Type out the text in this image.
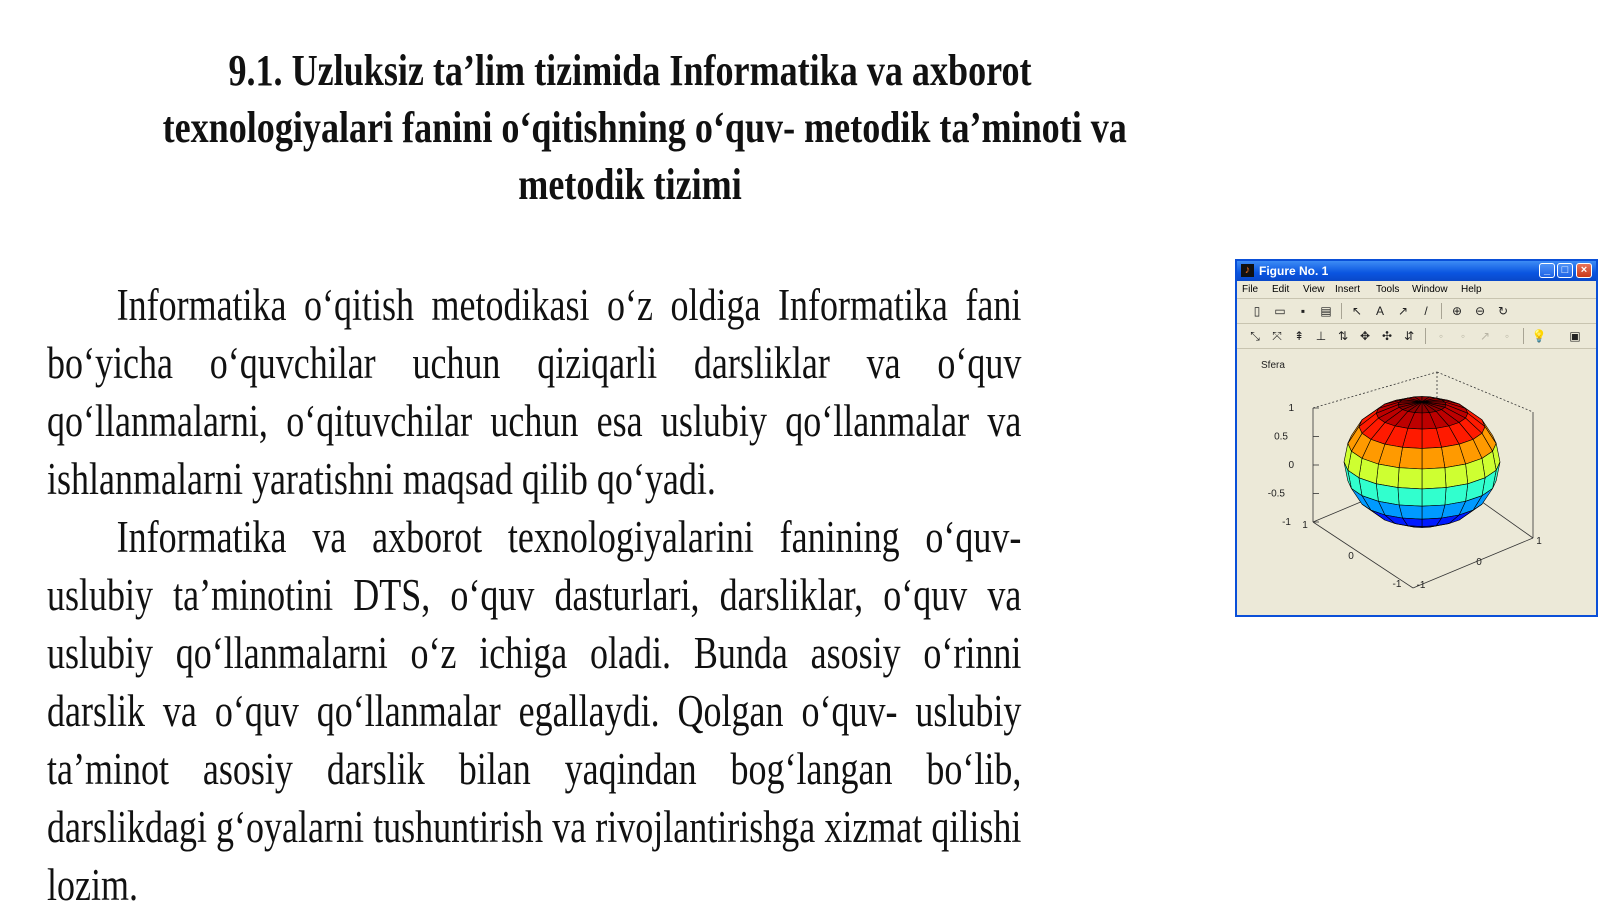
9.1. Uzluksiz ta’lim tizimida Informatika va axborot
texnologiyalari fanini o‘qitishning o‘quv- metodik ta’minoti va
metodik tizimi

Informatika o‘qitish metodikasi o‘z oldiga Informatika fani bo‘yicha o‘quvchilar uchun qiziqarli darsliklar va o‘quv qo‘llanmalarni, o‘qituvchilar uchun esa uslubiy qo‘llanmalar va ishlanmalarni yaratishni maqsad qilib qo‘yadi.

Informatika va axborot texnologiyalarini fanining o‘quv- uslubiy ta’minotini DTS, o‘quv dasturlari, darsliklar, o‘quv va uslubiy qo‘llanmalarni o‘z ichiga oladi. Bunda asosiy o‘rinni darslik va o‘quv qo‘llanmalar egallaydi. Qolgan o‘quv- uslubiy ta’minot asosiy darslik bilan yaqindan bog‘langan bo‘lib, darslikdagi g‘oyalarni tushuntirish va rivojlantirishga xizmat qilishi lozim.

♪ Figure No. 1	_	□	×
File Edit View Insert Tools Window Help
▯	▭	▪	▤ ↖	A	↗	/	⊕ ⊖ ↻
⤡ ⤧ ⇞ ⊥ ⇅ ✥ ✣ ⇵	◦	◦	↗	◦	💡 ▣
Sfera
1
0.5
0
-0.5
-1 1
0
-1 -1
0
1
